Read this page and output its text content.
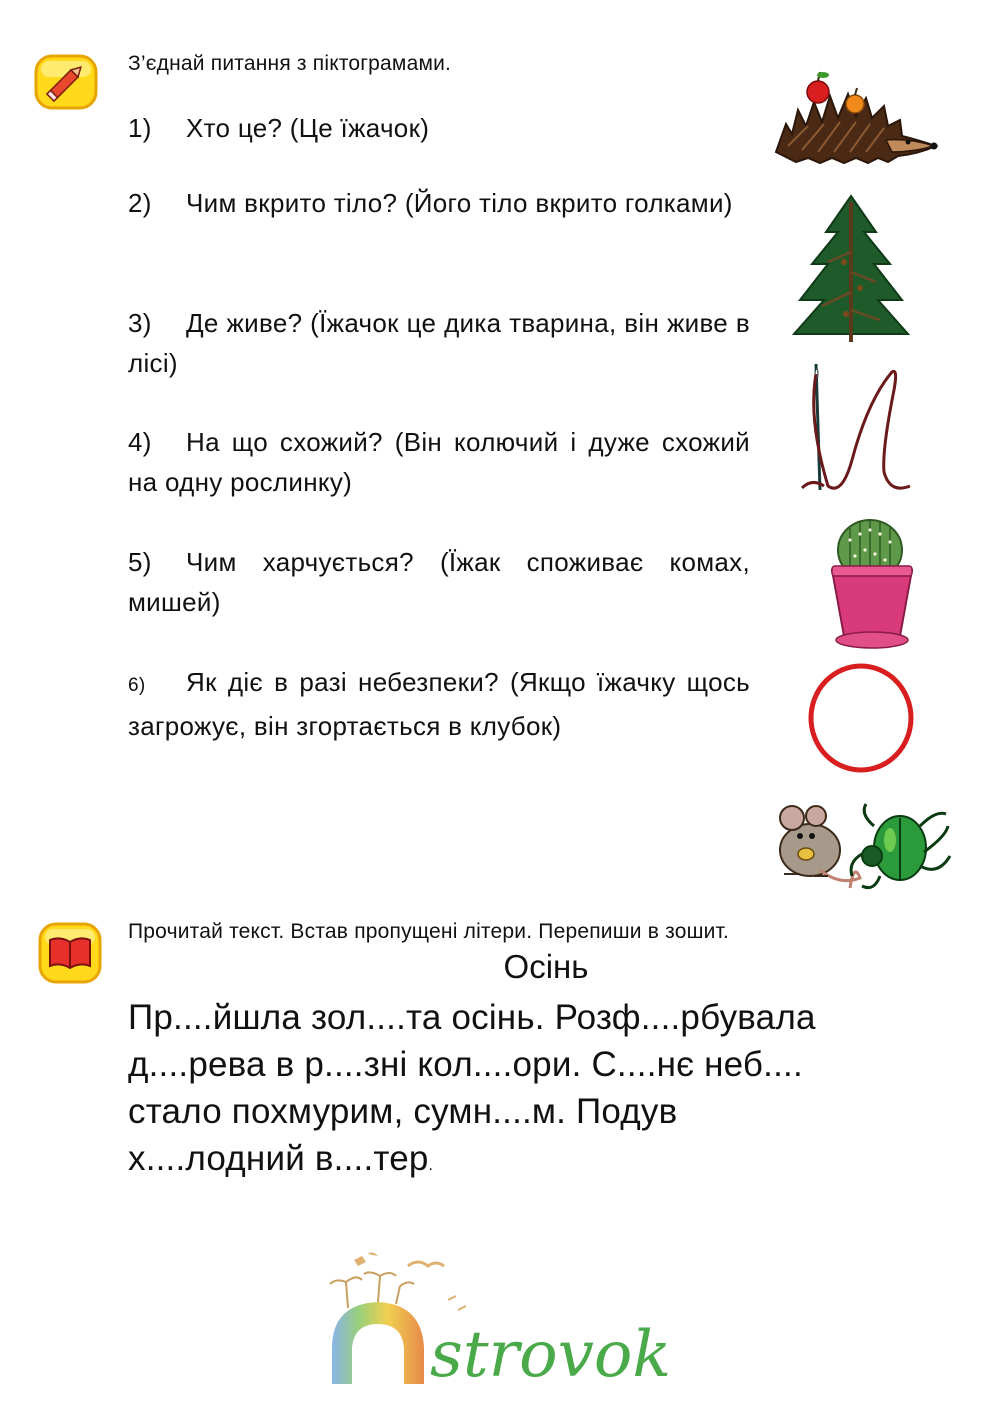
З’єднай питання з піктограмами.
1) Хто це? (Це їжачок)
2) Чим вкрито тіло? (Його тіло вкрито голками)
3) Де живе? (Їжачок це дика тварина, він живе в лісі)
4) На що схожий? (Він колючий і дуже схожий на одну рослинку)
5) Чим харчується? (Їжак споживає комах, мишей)
6) Як діє в разі небезпеки? (Якщо їжачку щось загрожує, він згортається в клубок)
Прочитай текст. Встав пропущені літери. Перепиши в зошит.
Осінь
Пр....йшла зол....та осінь. Розф....рбувала
д....рева в р....зні кол....ори. С....нє неб....
стало похмурим, сумн....м. Подув
х....лодний в....тер.
strovok
